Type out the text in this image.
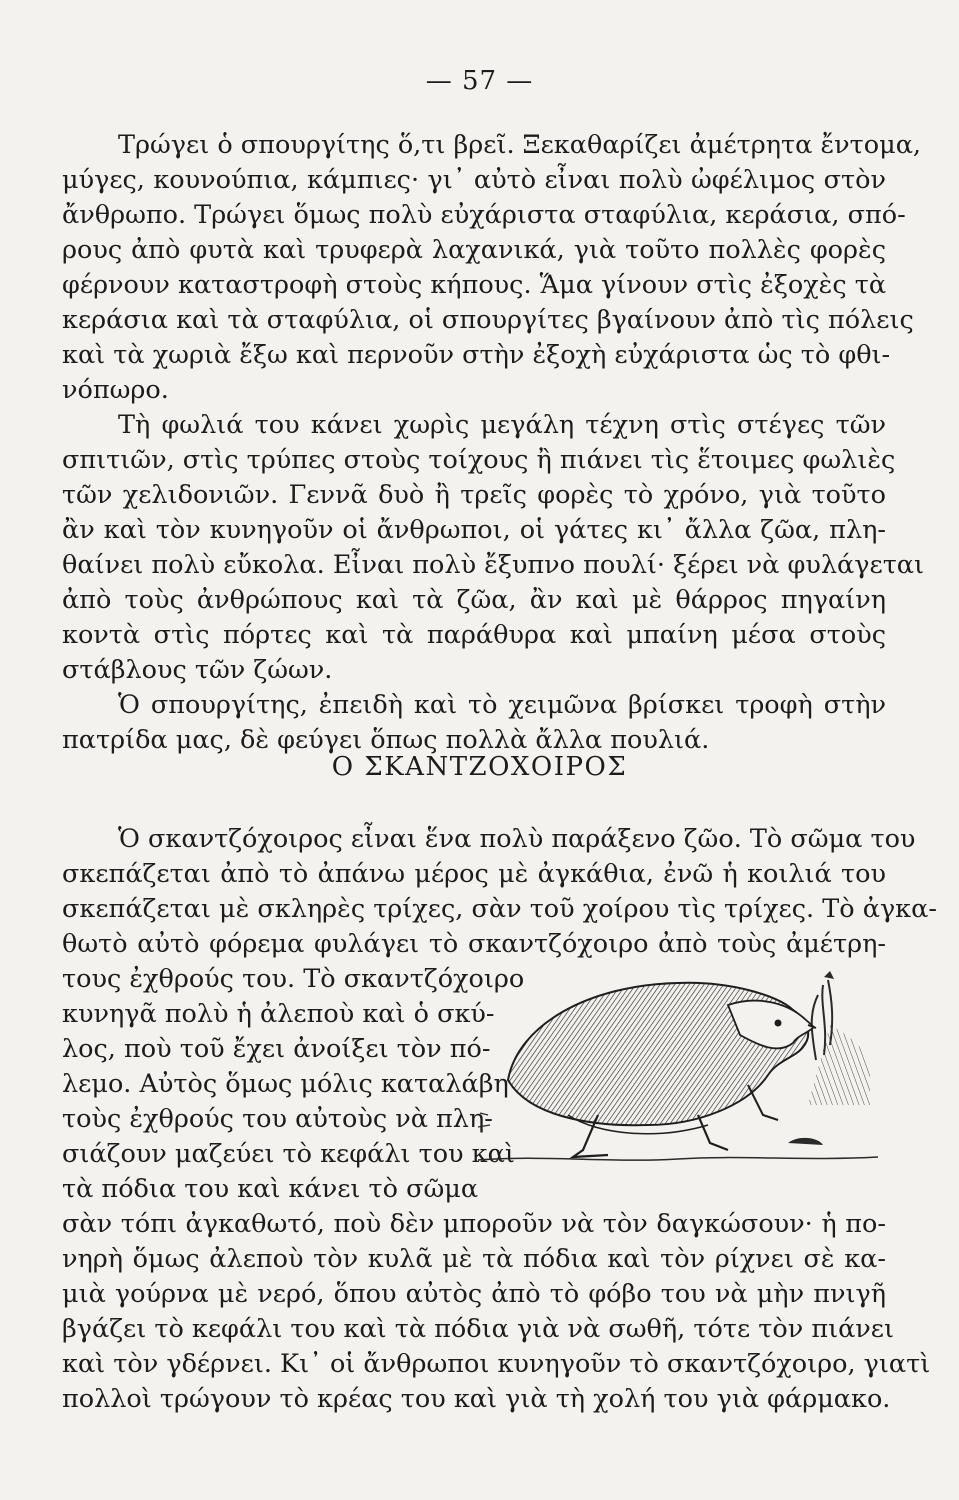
— 57 —
Τρώγει ὁ σπουργίτης ὅ,τι βρεῖ. Ξεκαθαρίζει ἀμέτρητα ἔντομα,
μύγες, κουνούπια, κάμπιες· γι᾽ αὐτὸ εἶναι πολὺ ὠφέλιμος στὸν
ἄνθρωπο. Τρώγει ὅμως πολὺ εὐχάριστα σταφύλια, κεράσια, σπό-
ρους ἀπὸ φυτὰ καὶ τρυφερὰ λαχανικά, γιὰ τοῦτο πολλὲς φορὲς
φέρνουν καταστροφὴ στοὺς κήπους. Ἅμα γίνουν στὶς ἐξοχὲς τὰ
κεράσια καὶ τὰ σταφύλια, οἱ σπουργίτες βγαίνουν ἀπὸ τὶς πόλεις
καὶ τὰ χωριὰ ἔξω καὶ περνοῦν στὴν ἐξοχὴ εὐχάριστα ὡς τὸ φθι-
νόπωρο.
Τὴ φωλιά του κάνει χωρὶς μεγάλη τέχνη στὶς στέγες τῶν
σπιτιῶν, στὶς τρύπες στοὺς τοίχους ἢ πιάνει τὶς ἕτοιμες φωλιὲς
τῶν χελιδονιῶν. Γεννᾶ δυὸ ἢ τρεῖς φορὲς τὸ χρόνο, γιὰ τοῦτο
ἂν καὶ τὸν κυνηγοῦν οἱ ἄνθρωποι, οἱ γάτες κι᾽ ἄλλα ζῶα, πλη-
θαίνει πολὺ εὔκολα. Εἶναι πολὺ ἔξυπνο πουλί· ξέρει νὰ φυλάγεται
ἀπὸ τοὺς ἀνθρώπους καὶ τὰ ζῶα, ἂν καὶ μὲ θάρρος πηγαίνη
κοντὰ στὶς πόρτες καὶ τὰ παράθυρα καὶ μπαίνη μέσα στοὺς
στάβλους τῶν ζώων.
Ὁ σπουργίτης, ἐπειδὴ καὶ τὸ χειμῶνα βρίσκει τροφὴ στὴν
πατρίδα μας, δὲ φεύγει ὅπως πολλὰ ἄλλα πουλιά.
Ο ΣΚΑΝΤΖΟΧΟΙΡΟΣ
Ὁ σκαντζόχοιρος εἶναι ἕνα πολὺ παράξενο ζῶο. Τὸ σῶμα του
σκεπάζεται ἀπὸ τὸ ἀπάνω μέρος μὲ ἀγκάθια, ἐνῶ ἡ κοιλιά του
σκεπάζεται μὲ σκληρὲς τρίχες, σὰν τοῦ χοίρου τὶς τρίχες. Τὸ ἀγκα-
θωτὸ αὐτὸ φόρεμα φυλάγει τὸ σκαντζόχοιρο ἀπὸ τοὺς ἀμέτρη-
τους ἐχθρούς του. Τὸ σκαντζόχοιρο
κυνηγᾶ πολὺ ἡ ἀλεποὺ καὶ ὁ σκύ-
λος, ποὺ τοῦ ἔχει ἀνοίξει τὸν πό-
λεμο. Αὐτὸς ὅμως μόλις καταλάβη
τοὺς ἐχθρούς του αὐτοὺς νὰ πλη-
σιάζουν μαζεύει τὸ κεφάλι του καὶ
τὰ πόδια του καὶ κάνει τὸ σῶμα
σὰν τόπι ἀγκαθωτό, ποὺ δὲν μποροῦν νὰ τὸν δαγκώσουν· ἡ πο-
νηρὴ ὅμως ἀλεποὺ τὸν κυλᾶ μὲ τὰ πόδια καὶ τὸν ρίχνει σὲ κα-
μιὰ γούρνα μὲ νερό, ὅπου αὐτὸς ἀπὸ τὸ φόβο του νὰ μὴν πνιγῆ
βγάζει τὸ κεφάλι του καὶ τὰ πόδια γιὰ νὰ σωθῆ, τότε τὸν πιάνει
καὶ τὸν γδέρνει. Κι᾽ οἱ ἄνθρωποι κυνηγοῦν τὸ σκαντζόχοιρο, γιατὶ
πολλοὶ τρώγουν τὸ κρέας του καὶ γιὰ τὴ χολή του γιὰ φάρμακο.
